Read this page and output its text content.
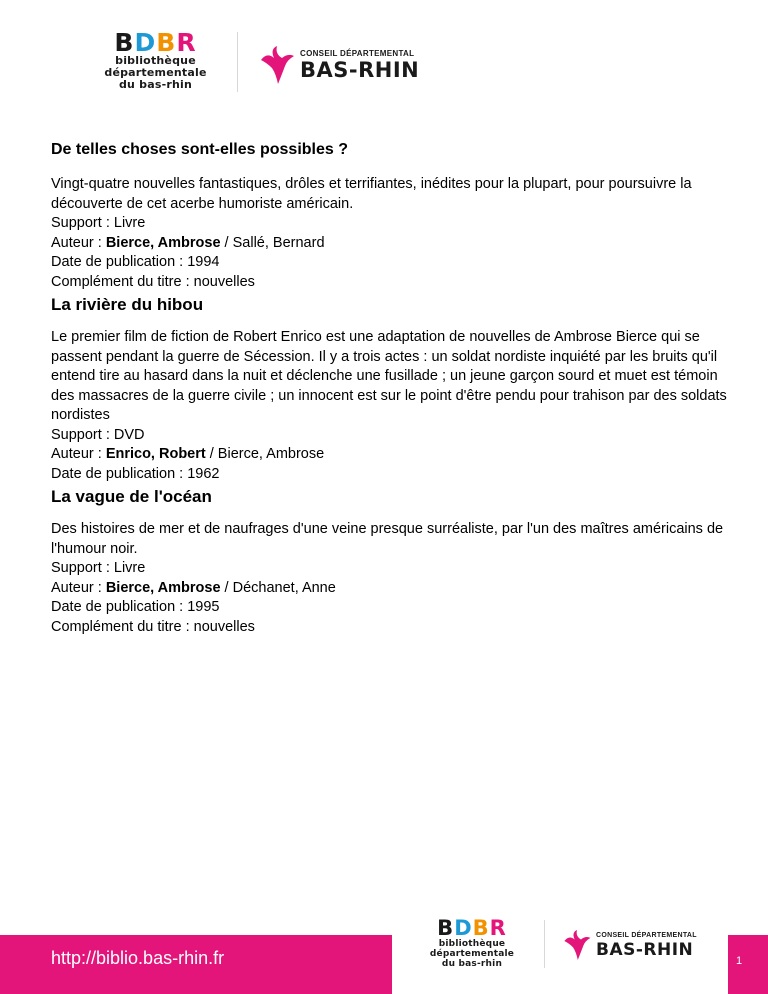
BDBR
bibliothèque
départementale
du bas-rhin
CONSEIL DÉPARTEMENTAL
BAS-RHIN
De telles choses sont-elles possibles ?

Vingt-quatre nouvelles fantastiques, drôles et terrifiantes, inédites pour la plupart, pour poursuivre la découverte de cet acerbe humoriste américain.

Support : Livre
Auteur : Bierce, Ambrose / Sallé, Bernard
Date de publication : 1994
Complément du titre : nouvelles
La rivière du hibou

Le premier film de fiction de Robert Enrico est une adaptation de nouvelles de Ambrose Bierce qui se passent pendant la guerre de Sécession. Il y a trois actes : un soldat nordiste inquiété par les bruits qu'il entend tire au hasard dans la nuit et déclenche une fusillade ; un jeune garçon sourd et muet est témoin des massacres de la guerre civile ; un innocent est sur le point d'être pendu pour trahison par des soldats nordistes

Support : DVD
Auteur : Enrico, Robert / Bierce, Ambrose
Date de publication : 1962
La vague de l'océan

Des histoires de mer et de naufrages d'une veine presque surréaliste, par l'un des maîtres américains de l'humour noir.

Support : Livre
Auteur : Bierce, Ambrose / Déchanet, Anne
Date de publication : 1995
Complément du titre : nouvelles
http://biblio.bas-rhin.fr	1
BDBR
bibliothèque
départementale
du bas-rhin
CONSEIL DÉPARTEMENTAL
BAS-RHIN
